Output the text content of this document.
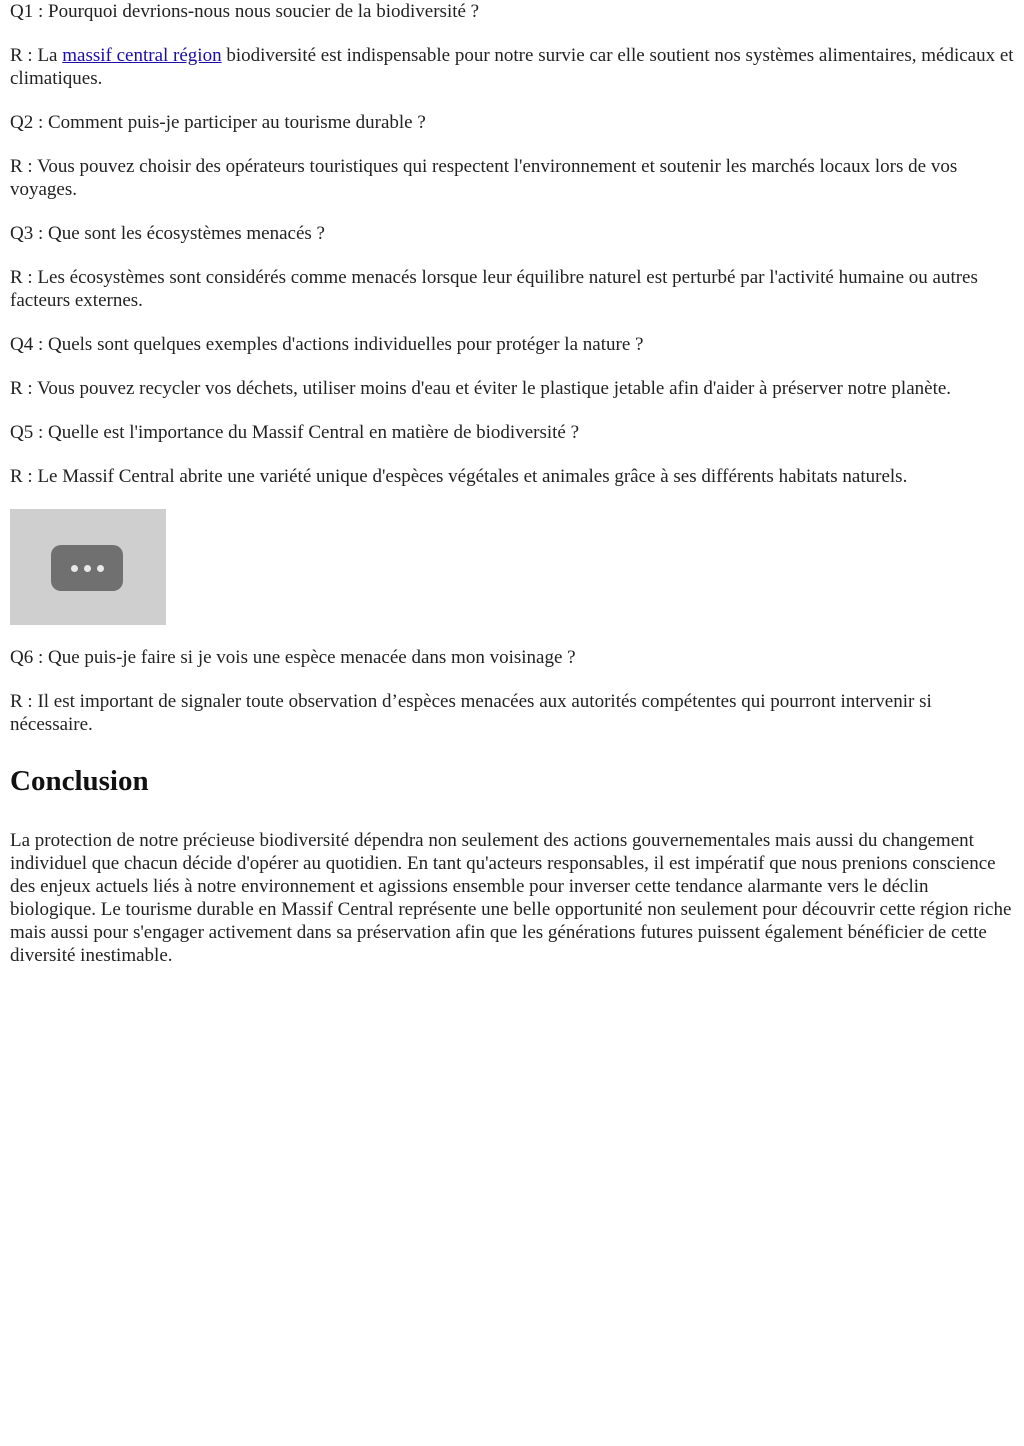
Q1 : Pourquoi devrions-nous nous soucier de la biodiversité ?

R : La massif central région biodiversité est indispensable pour notre survie car elle soutient nos systèmes alimentaires, médicaux et climatiques.

Q2 : Comment puis-je participer au tourisme durable ?

R : Vous pouvez choisir des opérateurs touristiques qui respectent l'environnement et soutenir les marchés locaux lors de vos voyages.

Q3 : Que sont les écosystèmes menacés ?

R : Les écosystèmes sont considérés comme menacés lorsque leur équilibre naturel est perturbé par l'activité humaine ou autres facteurs externes.

Q4 : Quels sont quelques exemples d'actions individuelles pour protéger la nature ?

R : Vous pouvez recycler vos déchets, utiliser moins d'eau et éviter le plastique jetable afin d'aider à préserver notre planète.

Q5 : Quelle est l'importance du Massif Central en matière de biodiversité ?

R : Le Massif Central abrite une variété unique d'espèces végétales et animales grâce à ses différents habitats naturels.

Q6 : Que puis-je faire si je vois une espèce menacée dans mon voisinage ?

R : Il est important de signaler toute observation d’espèces menacées aux autorités compétentes qui pourront intervenir si nécessaire.

Conclusion

La protection de notre précieuse biodiversité dépendra non seulement des actions gouvernementales mais aussi du changement individuel que chacun décide d'opérer au quotidien. En tant qu'acteurs responsables, il est impératif que nous prenions conscience des enjeux actuels liés à notre environnement et agissions ensemble pour inverser cette tendance alarmante vers le déclin biologique. Le tourisme durable en Massif Central représente une belle opportunité non seulement pour découvrir cette région riche mais aussi pour s'engager activement dans sa préservation afin que les générations futures puissent également bénéficier de cette diversité inestimable.
